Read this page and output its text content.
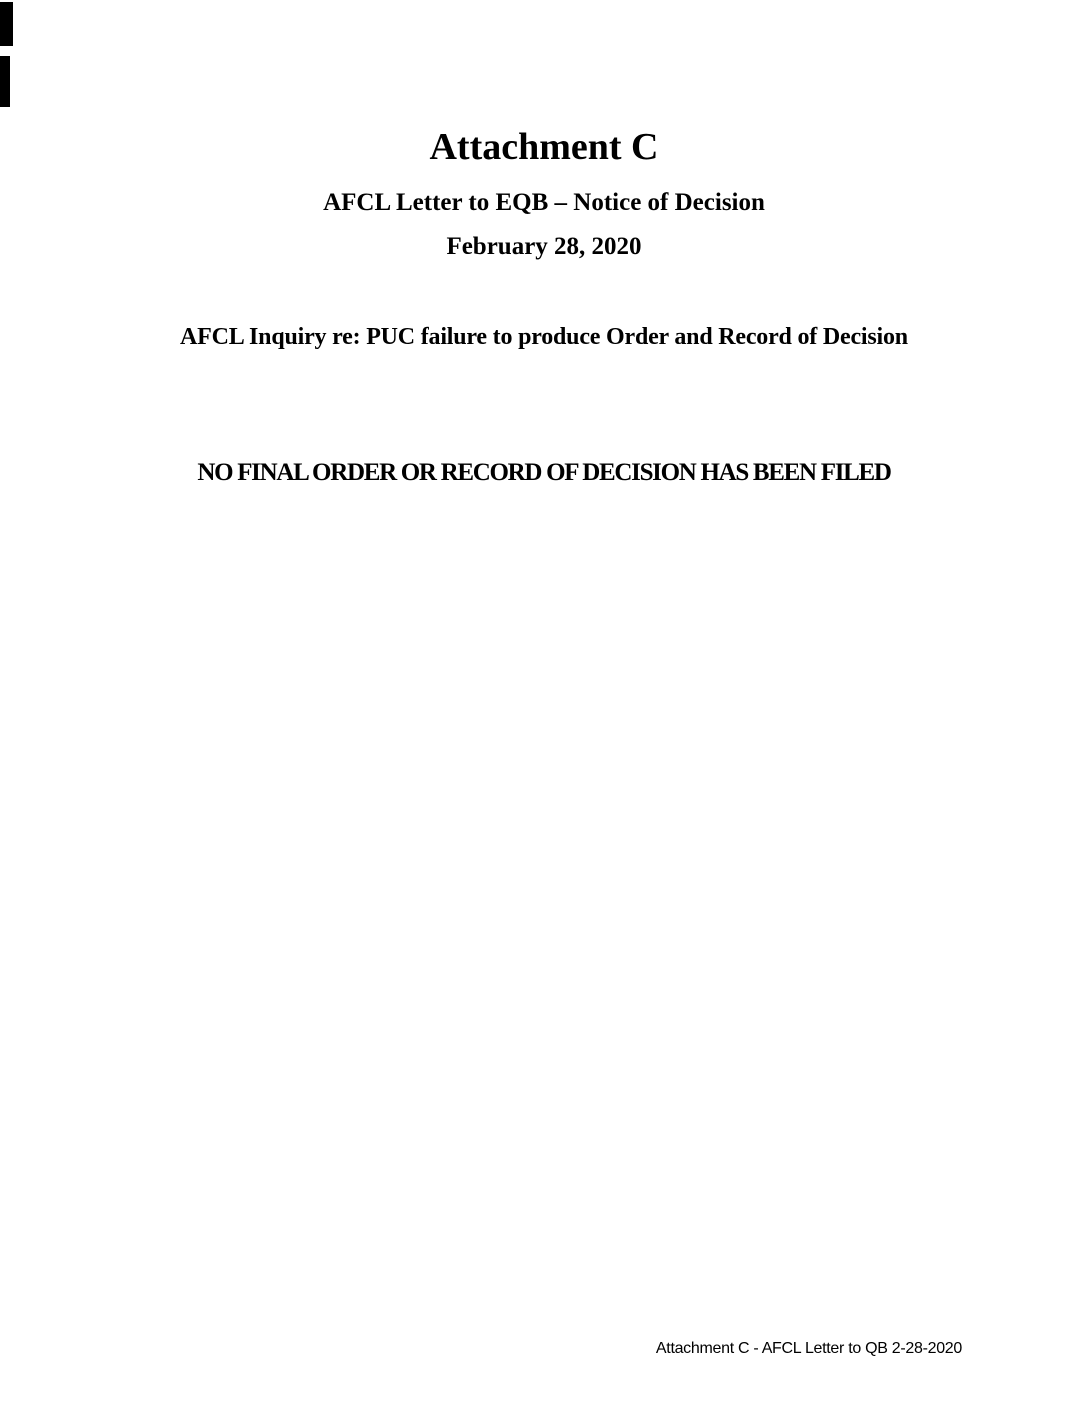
Attachment C
AFCL Letter to EQB – Notice of Decision
February 28, 2020
AFCL Inquiry re: PUC failure to produce Order and Record of Decision
NO FINAL ORDER OR RECORD OF DECISION HAS BEEN FILED
Attachment C - AFCL Letter to QB 2-28-2020
